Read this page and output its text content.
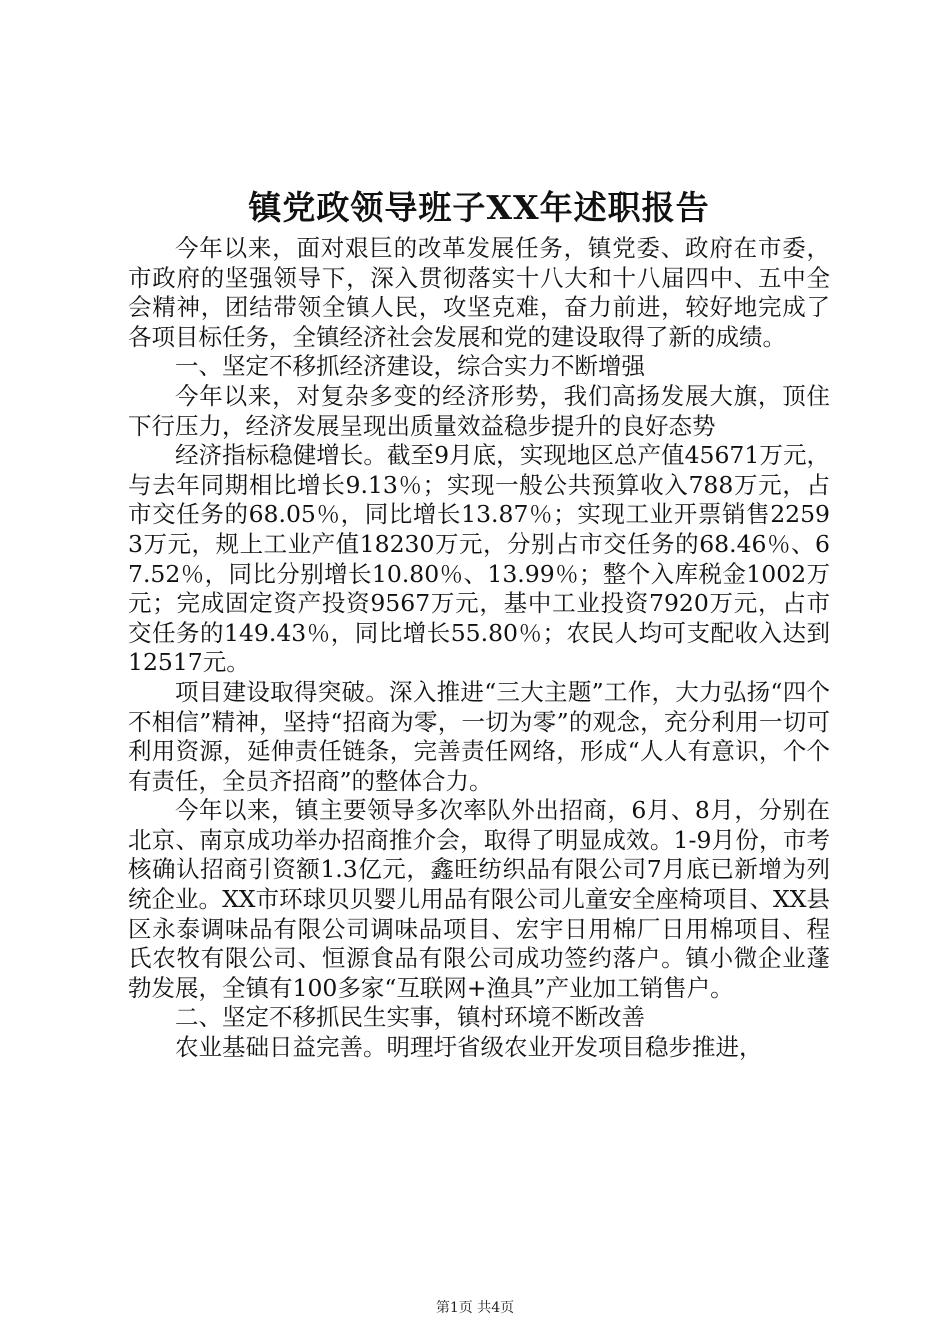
镇党政领导班子XX年述职报告

今年以来，面对艰巨的改革发展任务，镇党委、政府在市委，市政府的坚强领导下，深入贯彻落实十八大和十八届四中、五中全会精神，团结带领全镇人民，攻坚克难，奋力前进，较好地完成了各项目标任务，全镇经济社会发展和党的建设取得了新的成绩。

一、坚定不移抓经济建设，综合实力不断增强

今年以来，对复杂多变的经济形势，我们高扬发展大旗，顶住下行压力，经济发展呈现出质量效益稳步提升的良好态势

经济指标稳健增长。截至9月底，实现地区总产值45671万元，与去年同期相比增长9.13％；实现一般公共预算收入788万元，占市交任务的68.05％，同比增长13.87％；实现工业开票销售22593万元，规上工业产值18230万元，分别占市交任务的68.46％、67.52％，同比分别增长10.80％、13.99％；整个入库税金1002万元；完成固定资产投资9567万元，基中工业投资7920万元，占市交任务的149.43％，同比增长55.80％；农民人均可支配收入达到12517元。

项目建设取得突破。深入推进“三大主题”工作，大力弘扬“四个不相信”精神，坚持“招商为零，一切为零”的观念，充分利用一切可利用资源，延伸责任链条，完善责任网络，形成“人人有意识，个个有责任，全员齐招商”的整体合力。

今年以来，镇主要领导多次率队外出招商，6月、8月，分别在北京、南京成功举办招商推介会，取得了明显成效。1-9月份，市考核确认招商引资额1.3亿元，鑫旺纺织品有限公司7月底已新增为列统企业。XX市环球贝贝婴儿用品有限公司儿童安全座椅项目、XX县区永泰调味品有限公司调味品项目、宏宇日用棉厂日用棉项目、程氏农牧有限公司、恒源食品有限公司成功签约落户。镇小微企业蓬勃发展，全镇有100多家“互联网+渔具”产业加工销售户。

二、坚定不移抓民生实事，镇村环境不断改善

农业基础日益完善。明理圩省级农业开发项目稳步推进，

第1页 共4页
